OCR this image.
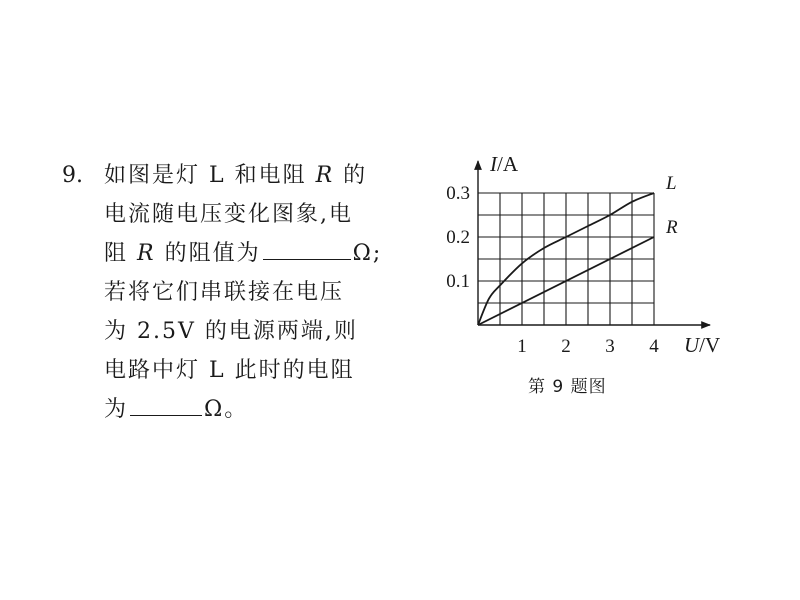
9. 如图是灯 L 和电阻 R 的
电流随电压变化图象,电
阻 R 的阻值为	Ω;
若将它们串联接在电压
为 2.5V 的电源两端,则
电路中灯 L 此时的电阻
为	Ω。
L
R
1 2 3 4
0.1
0.2
0.3
I/A
U/V
第 9 题图
